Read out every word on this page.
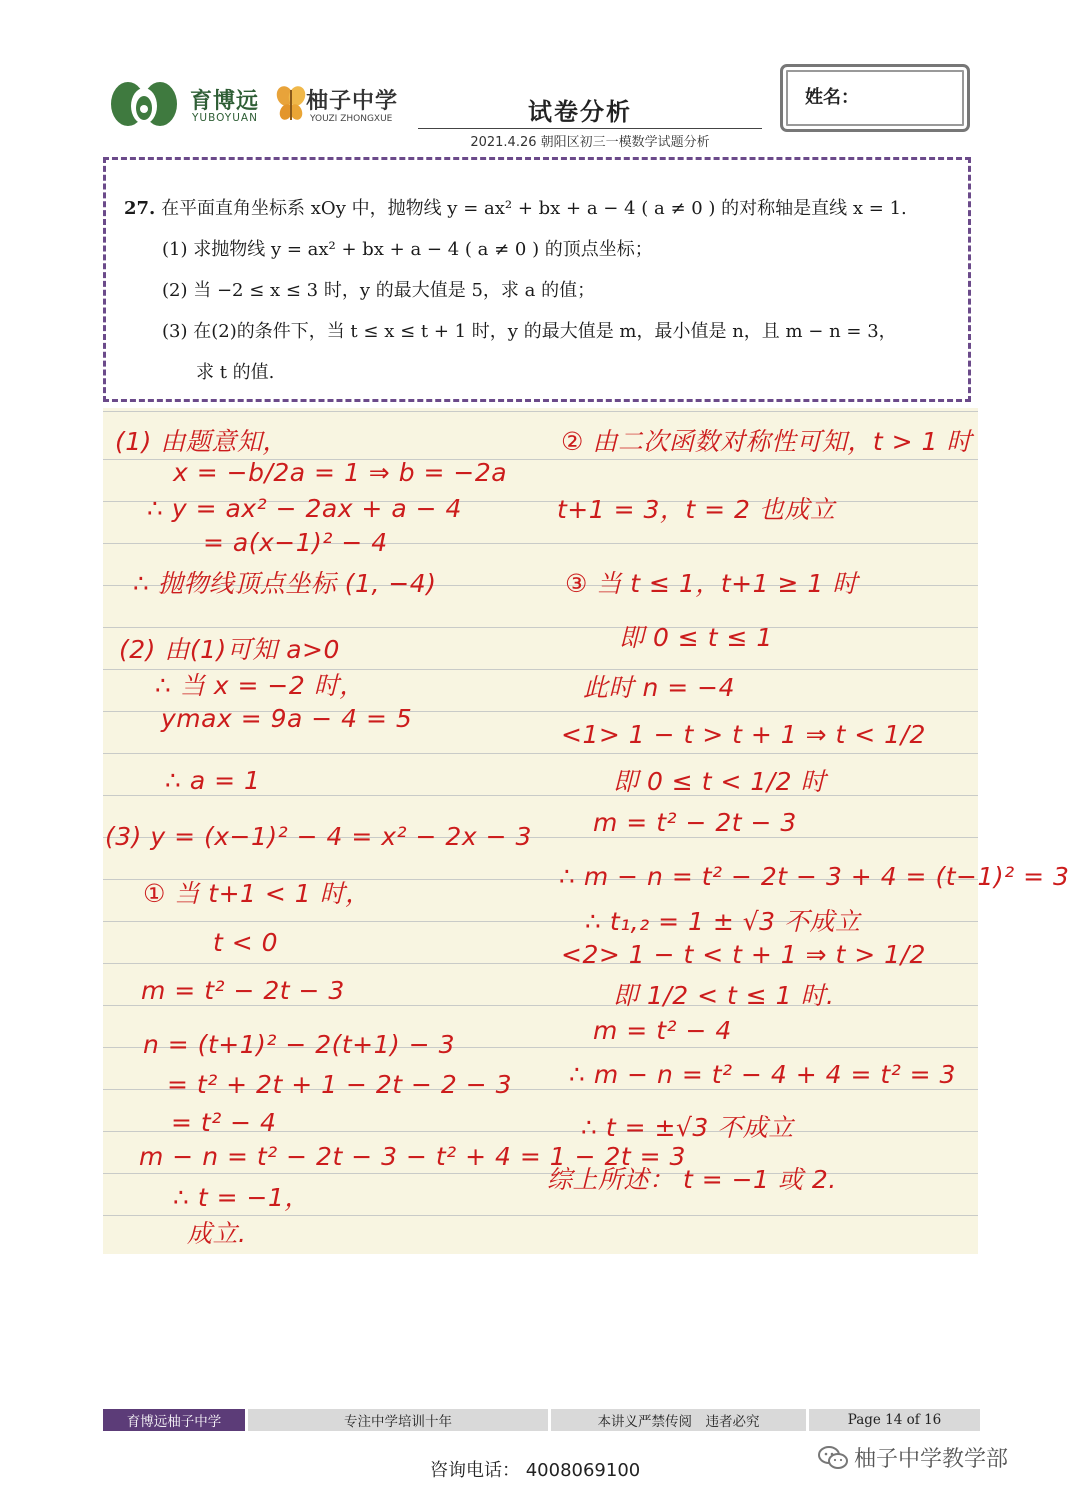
育博远
YUBOYUAN
柚子中学
YOUZI ZHONGXUE	试卷分析
2021.4.26 朝阳区初三一模数学试题分析
姓名：
27. 在平面直角坐标系 xOy 中，抛物线 y = ax² + bx + a − 4 ( a ≠ 0 ) 的对称轴是直线 x = 1.
(1) 求抛物线 y = ax² + bx + a − 4 ( a ≠ 0 ) 的顶点坐标；
(2) 当 −2 ≤ x ≤ 3 时，y 的最大值是 5，求 a 的值；
(3) 在(2)的条件下，当 t ≤ x ≤ t + 1 时，y 的最大值是 m，最小值是 n，且 m − n = 3，
求 t 的值.
(1) 由题意知，
x = −b/2a = 1 ⇒ b = −2a
∴ y = ax² − 2ax + a − 4
= a(x−1)² − 4
∴ 抛物线顶点坐标 (1, −4)
(2) 由(1)可知 a>0
∴ 当 x = −2 时，
ymax = 9a − 4 = 5
∴ a = 1
(3) y = (x−1)² − 4 = x² − 2x − 3
① 当 t+1 < 1 时，
t < 0
m = t² − 2t − 3
n = (t+1)² − 2(t+1) − 3
= t² + 2t + 1 − 2t − 2 − 3
= t² − 4
m − n = t² − 2t − 3 − t² + 4 = 1 − 2t = 3
∴ t = −1，
成立.
② 由二次函数对称性可知，t > 1 时
t+1 = 3，t = 2 也成立
③ 当 t ≤ 1，t+1 ≥ 1 时
即 0 ≤ t ≤ 1
此时 n = −4
<1> 1 − t > t + 1 ⇒ t < 1/2
即 0 ≤ t < 1/2 时
m = t² − 2t − 3
∴ m − n = t² − 2t − 3 + 4 = (t−1)² = 3
∴ t₁,₂ = 1 ± √3 不成立
<2> 1 − t < t + 1 ⇒ t > 1/2
即 1/2 < t ≤ 1 时.
m = t² − 4
∴ m − n = t² − 4 + 4 = t² = 3
∴ t = ±√3 不成立
综上所述： t = −1 或 2.
育博远柚子中学	专注中学培训十年	本讲义严禁传阅　违者必究	Page 14 of 16
咨询电话： 4008069100	柚子中学教学部
